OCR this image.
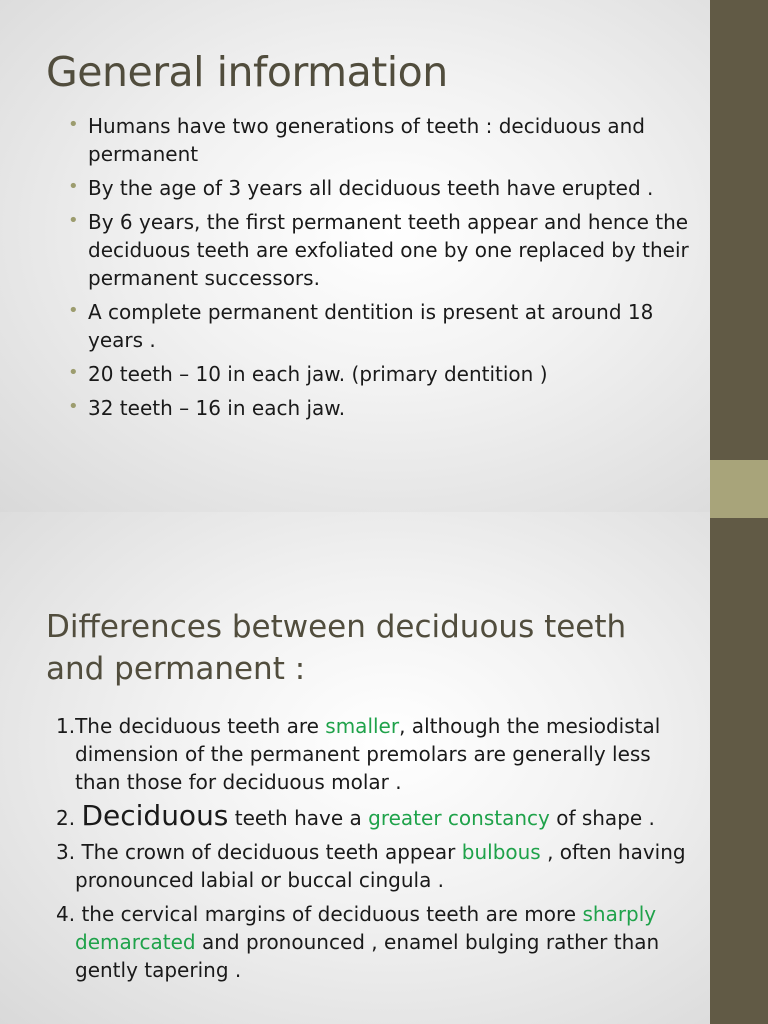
General information
• Humans have two generations of teeth : deciduous and permanent
• By the age of 3 years all deciduous teeth have erupted .
• By 6 years, the first permanent teeth appear and hence the deciduous teeth are exfoliated one by one replaced by their permanent successors.
• A complete permanent dentition is present at around 18 years .
• 20 teeth – 10 in each jaw. (primary dentition )
• 32 teeth – 16 in each jaw.
Differences between deciduous teeth and permanent :
1.The deciduous teeth are smaller, although the mesiodistal dimension of the permanent premolars are generally less than those for deciduous molar .
2. Deciduous teeth have a greater constancy of shape .
3. The crown of deciduous teeth appear bulbous , often having pronounced labial or buccal cingula .
4. the cervical margins of deciduous teeth are more sharply demarcated and pronounced , enamel bulging rather than gently tapering .
